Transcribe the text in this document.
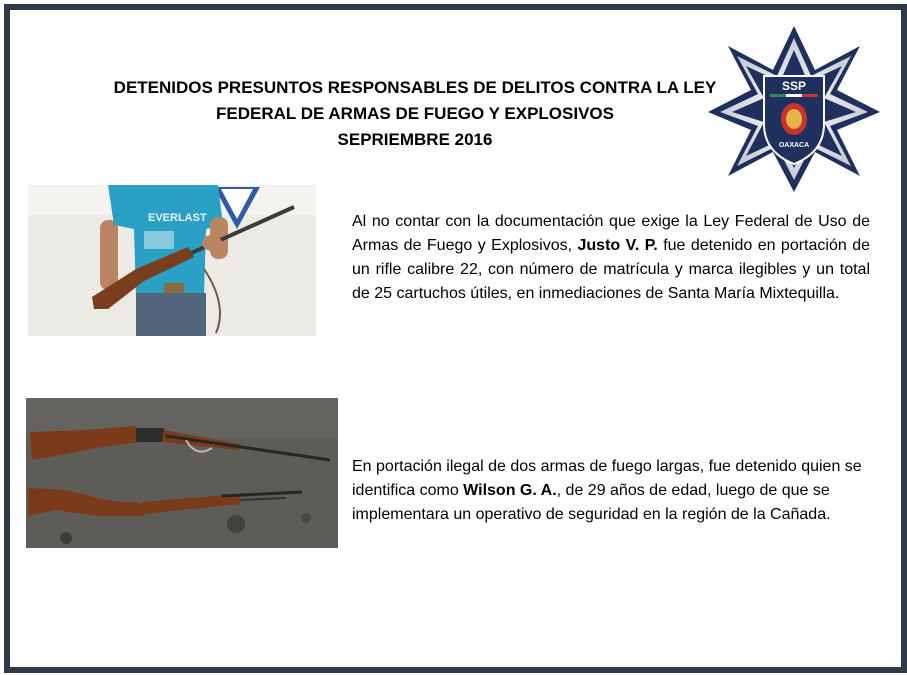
DETENIDOS PRESUNTOS RESPONSABLES DE DELITOS CONTRA LA LEY
FEDERAL DE ARMAS DE FUEGO Y EXPLOSIVOS
SEPRIEMBRE 2016
SSP
OAXACA
EVERLAST	Al no contar con la documentación que exige la Ley Federal de Uso de Armas de Fuego y Explosivos, Justo V. P. fue detenido en portación de un rifle calibre 22, con número de matrícula y marca ilegibles y un total de 25 cartuchos útiles, en inmediaciones de Santa María Mixtequilla.
En portación ilegal de dos armas de fuego largas, fue detenido quien se identifica como Wilson G. A., de 29 años de edad, luego de que se implementara un operativo de seguridad en la región de la Cañada.
